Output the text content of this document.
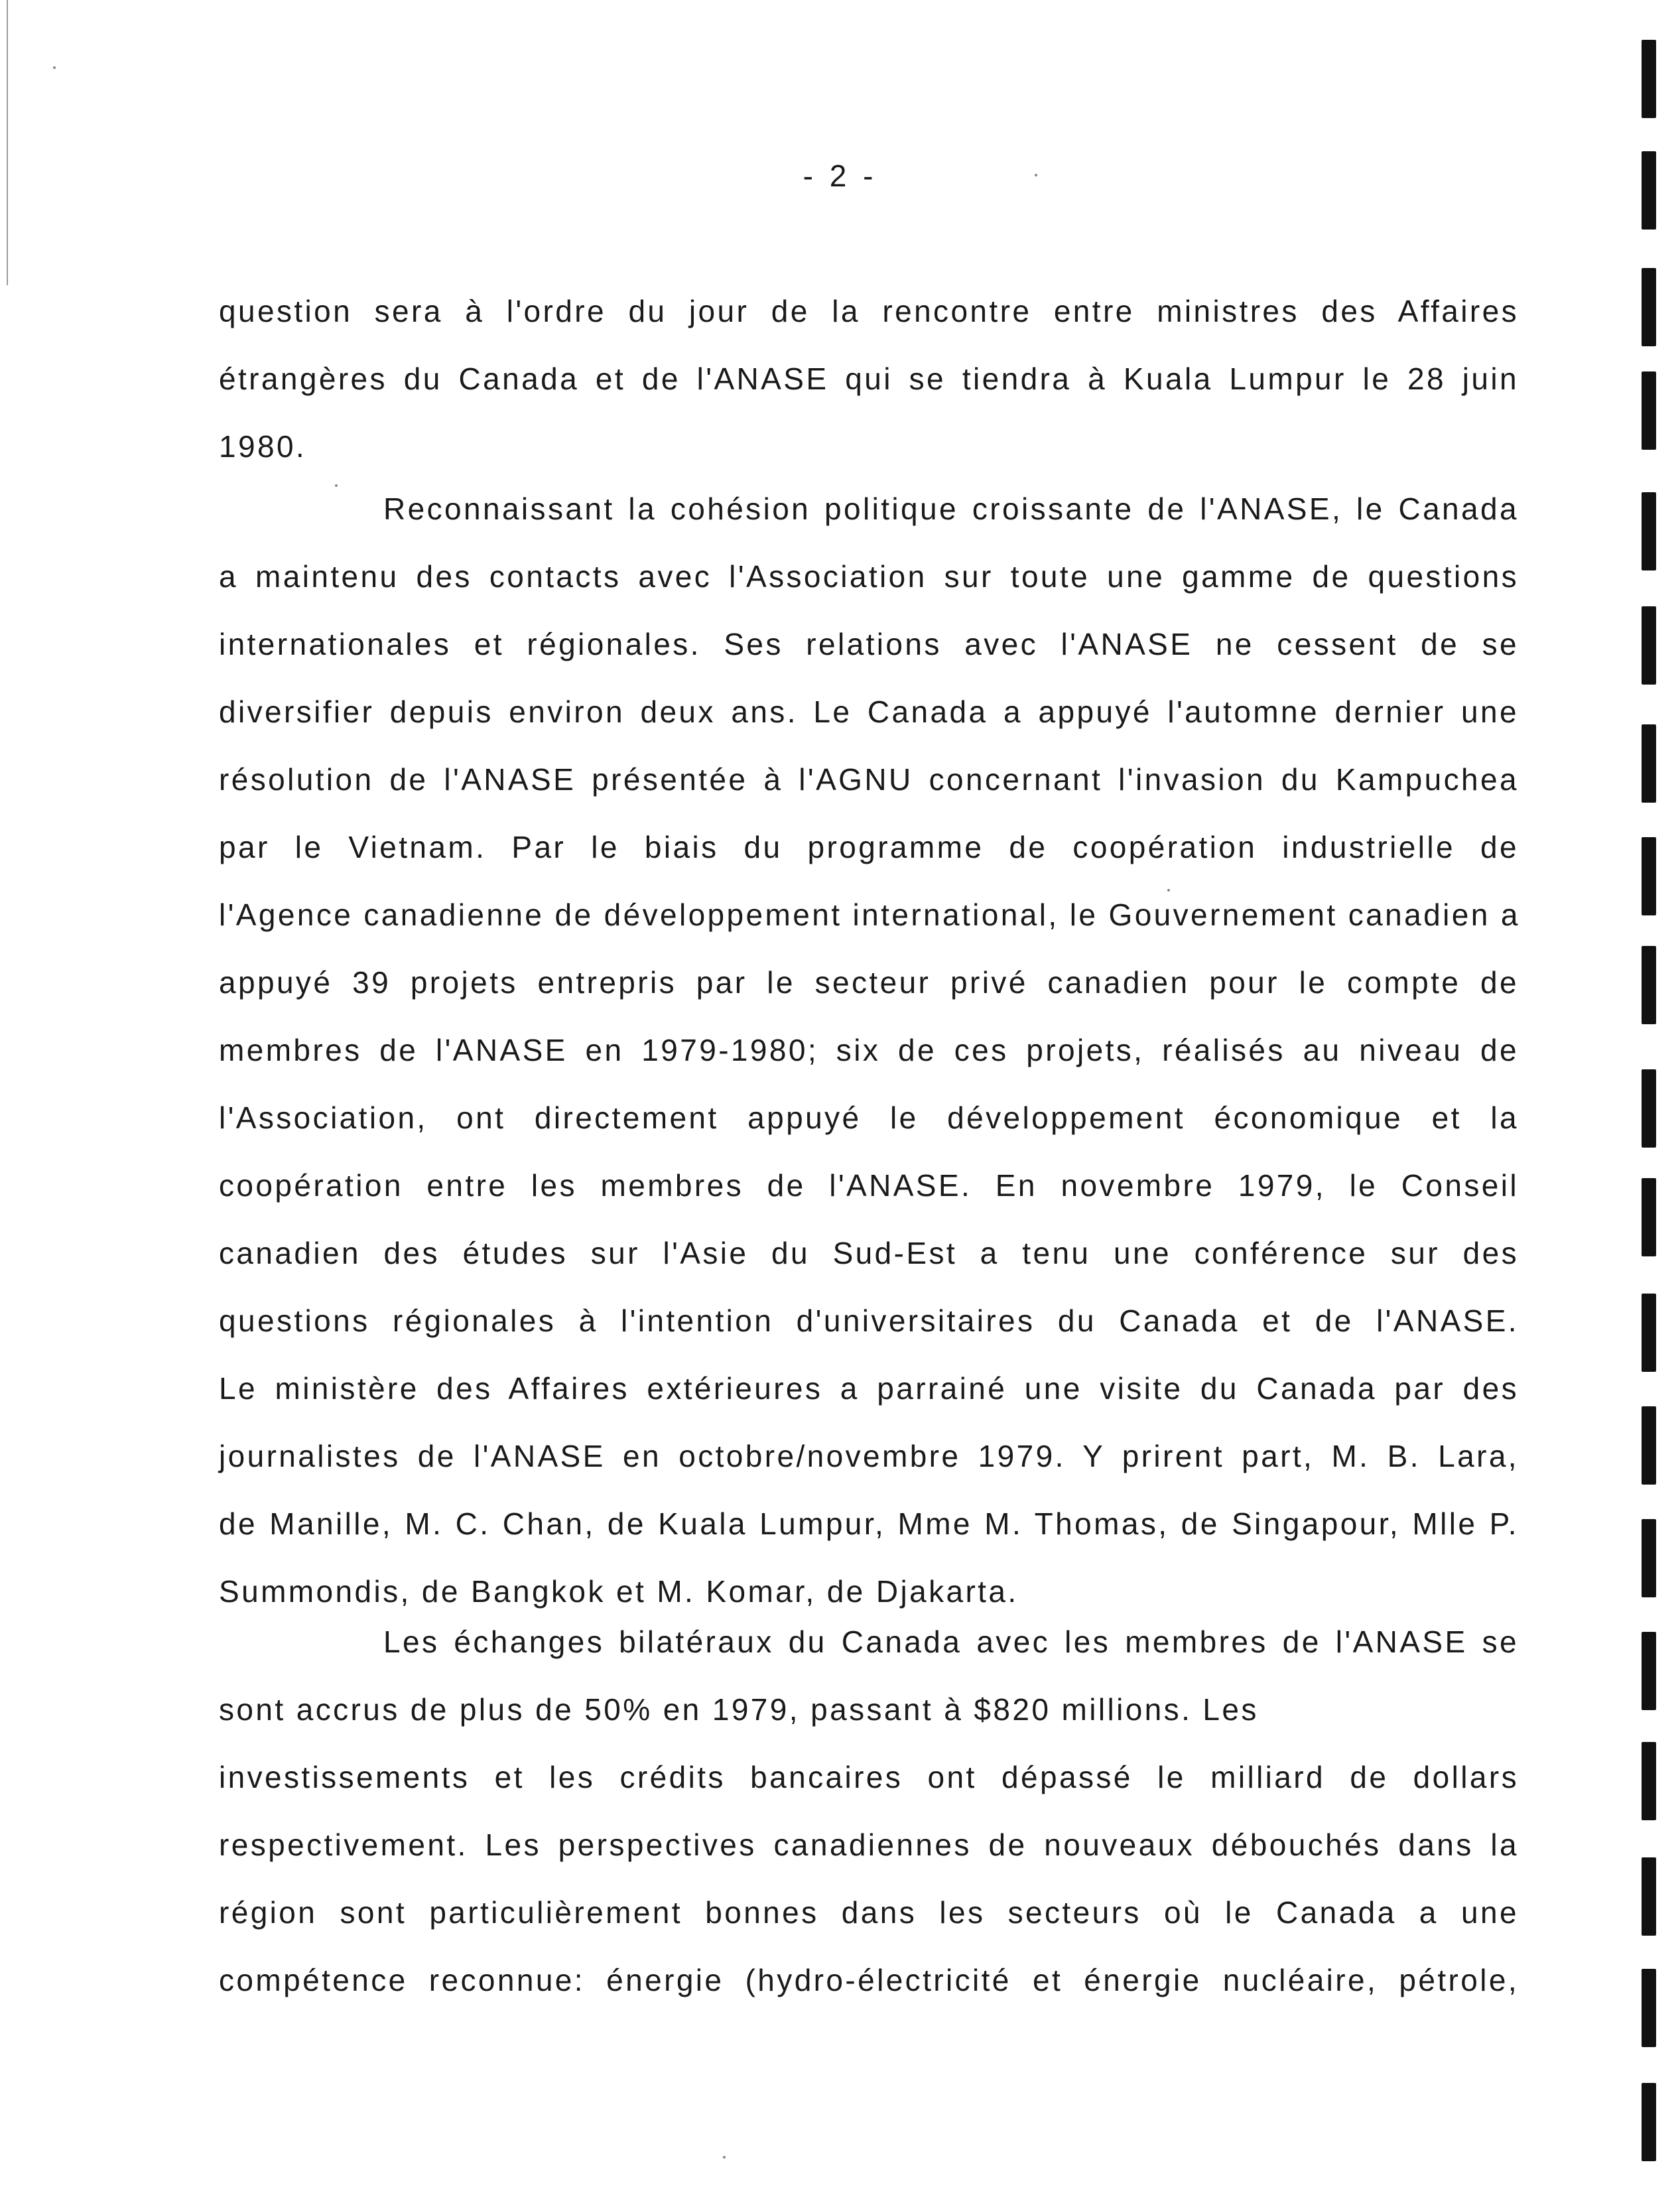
- 2 -
question sera à l'ordre du jour de la rencontre entre ministres des Affaires
étrangères du Canada et de l'ANASE qui se tiendra à Kuala Lumpur le 28 juin
1980.
Reconnaissant la cohésion politique croissante de l'ANASE, le Canada
a maintenu des contacts avec l'Association sur toute une gamme de questions
internationales et régionales. Ses relations avec l'ANASE ne cessent de se
diversifier depuis environ deux ans. Le Canada a appuyé l'automne dernier une
résolution de l'ANASE présentée à l'AGNU concernant l'invasion du Kampuchea
par le Vietnam. Par le biais du programme de coopération industrielle de
l'Agence canadienne de développement international, le Gouvernement canadien a
appuyé 39 projets entrepris par le secteur privé canadien pour le compte de
membres de l'ANASE en 1979-1980; six de ces projets, réalisés au niveau de
l'Association, ont directement appuyé le développement économique et la
coopération entre les membres de l'ANASE. En novembre 1979, le Conseil
canadien des études sur l'Asie du Sud-Est a tenu une conférence sur des
questions régionales à l'intention d'universitaires du Canada et de l'ANASE.
Le ministère des Affaires extérieures a parrainé une visite du Canada par des
journalistes de l'ANASE en octobre/novembre 1979. Y prirent part, M. B. Lara,
de Manille, M. C. Chan, de Kuala Lumpur, Mme M. Thomas, de Singapour, Mlle P.
Summondis, de Bangkok et M. Komar, de Djakarta.
Les échanges bilatéraux du Canada avec les membres de l'ANASE se
sont accrus de plus de 50% en 1979, passant à $820 millions. Les
investissements et les crédits bancaires ont dépassé le milliard de dollars
respectivement. Les perspectives canadiennes de nouveaux débouchés dans la
région sont particulièrement bonnes dans les secteurs où le Canada a une
compétence reconnue: énergie (hydro-électricité et énergie nucléaire, pétrole,
